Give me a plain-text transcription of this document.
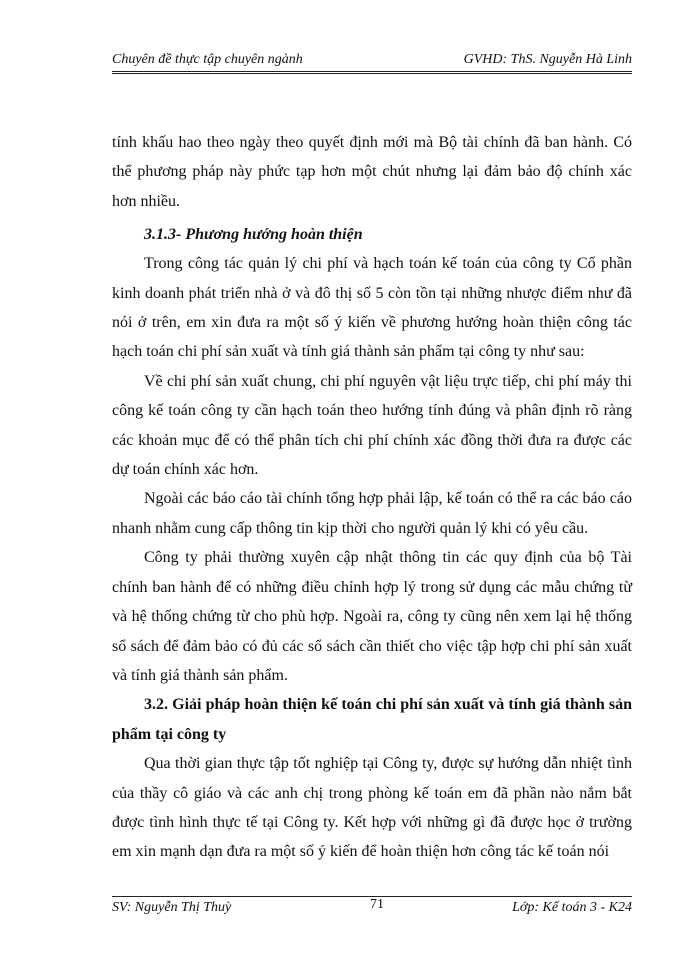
Chuyên đề thực tập chuyên ngành	GVHD: ThS. Nguyễn Hà Linh

tính khấu hao theo ngày theo quyết định mới mà Bộ tài chính đã ban hành. Có thể phương pháp này phức tạp hơn một chút nhưng lại đảm bảo độ chính xác hơn nhiều.

3.1.3- Phương hướng hoàn thiện

Trong công tác quản lý chi phí và hạch toán kế toán của công ty Cổ phần kinh doanh phát triển nhà ở và đô thị số 5 còn tồn tại những nhược điểm như đã nói ở trên, em xin đưa ra một số ý kiến về phương hướng hoàn thiện công tác hạch toán chi phí sản xuất và tính giá thành sản phẩm tại công ty như sau:

Về chi phí sản xuất chung, chi phí nguyên vật liệu trực tiếp, chi phí máy thi công kế toán công ty cần hạch toán theo hướng tính đúng và phân định rõ ràng các khoản mục để có thể phân tích chi phí chính xác đồng thời đưa ra được các dự toán chính xác hơn.

Ngoài các báo cáo tài chính tổng hợp phải lập, kế toán có thể ra các báo cáo nhanh nhằm cung cấp thông tin kịp thời cho người quản lý khi có yêu cầu.

Công ty phải thường xuyên cập nhật thông tin các quy định của bộ Tài chính ban hành để có những điều chỉnh hợp lý trong sử dụng các mẫu chứng từ và hệ thống chứng từ cho phù hợp. Ngoài ra, công ty cũng nên xem lại hệ thống sổ sách để đảm bảo có đủ các sổ sách cần thiết cho việc tập hợp chi phí sản xuất và tính giá thành sản phẩm.

3.2. Giải pháp hoàn thiện kế toán chi phí sản xuất và tính giá thành sản phẩm tại công ty

Qua thời gian thực tập tốt nghiệp tại Công ty, được sự hướng dẫn nhiệt tình của thầy cô giáo và các anh chị trong phòng kế toán em đã phần nào nắm bắt được tình hình thực tế tại Công ty. Kết hợp với những gì đã được học ở trường em xin mạnh dạn đưa ra một số ý kiến để hoàn thiện hơn công tác kế toán nói

SV: Nguyễn Thị Thuỳ	71	Lớp: Kế toán 3 - K24
